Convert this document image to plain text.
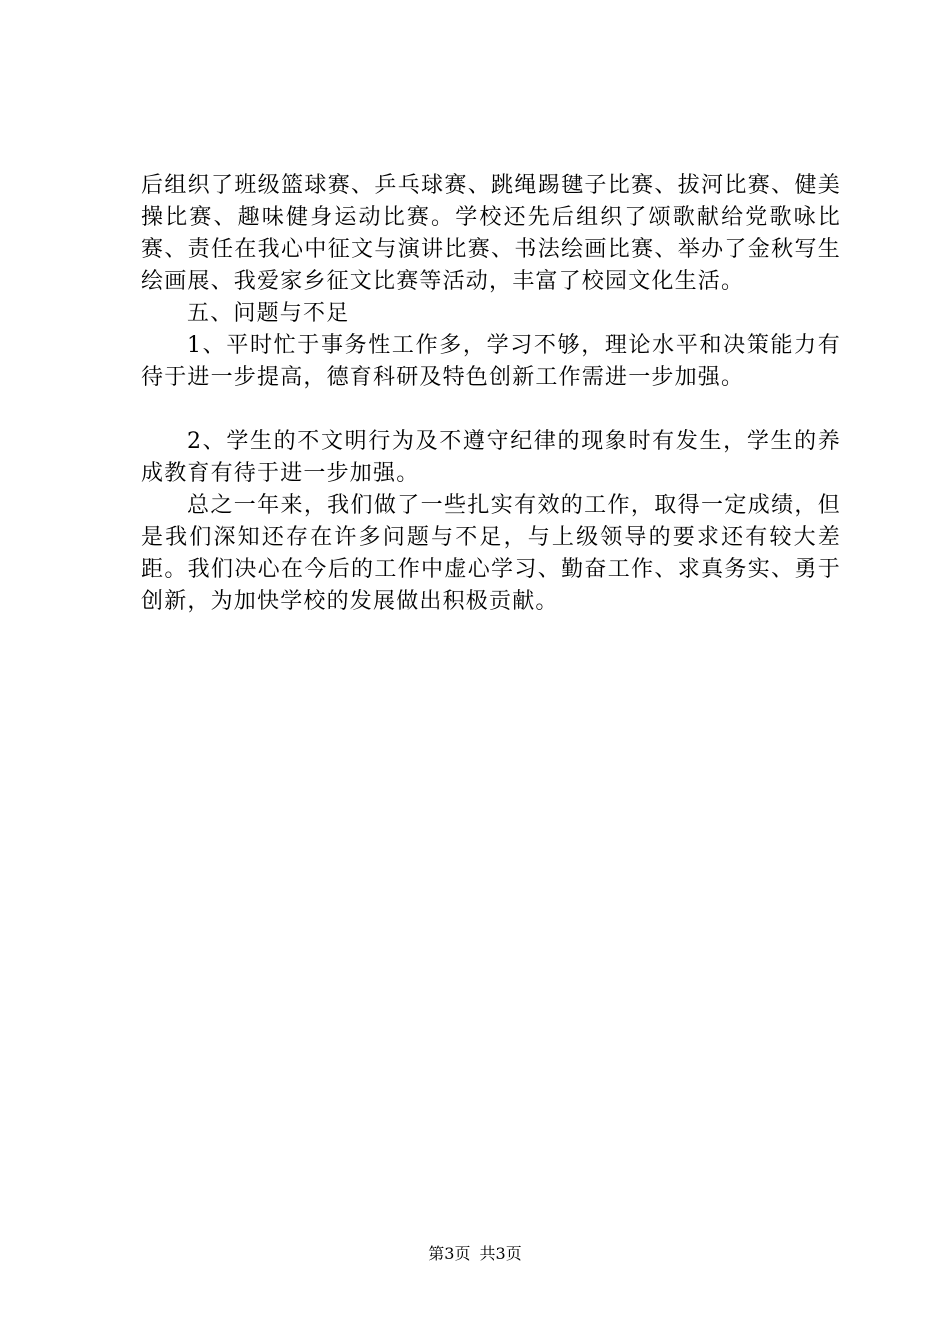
后组织了班级篮球赛、乒乓球赛、跳绳踢毽子比赛、拔河比赛、健美操比赛、趣味健身运动比赛。学校还先后组织了颂歌献给党歌咏比赛、责任在我心中征文与演讲比赛、书法绘画比赛、举办了金秋写生绘画展、我爱家乡征文比赛等活动，丰富了校园文化生活。

五、问题与不足

1、平时忙于事务性工作多，学习不够，理论水平和决策能力有待于进一步提高，德育科研及特色创新工作需进一步加强。

2、学生的不文明行为及不遵守纪律的现象时有发生，学生的养成教育有待于进一步加强。

总之一年来，我们做了一些扎实有效的工作，取得一定成绩，但是我们深知还存在许多问题与不足，与上级领导的要求还有较大差距。我们决心在今后的工作中虚心学习、勤奋工作、求真务实、勇于创新，为加快学校的发展做出积极贡献。

第3页 共3页
